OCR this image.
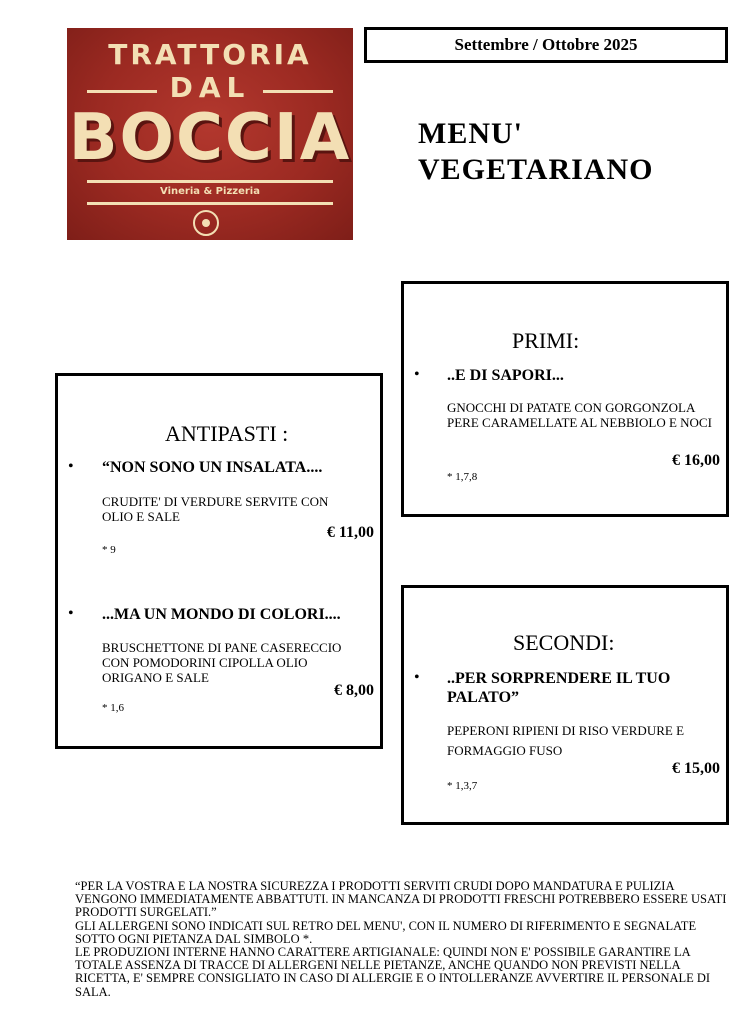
TRATTORIA
DAL
BOCCIA
Vineria & Pizzeria
Settembre / Ottobre 2025
MENU'
VEGETARIANO
ANTIPASTI :
• “NON SONO UN INSALATA....
CRUDITE' DI VERDURE SERVITE CON OLIO E SALE
€ 11,00
* 9
• ...MA UN MONDO DI COLORI....
BRUSCHETTONE DI PANE CASERECCIO CON POMODORINI CIPOLLA OLIO ORIGANO E SALE
€ 8,00
* 1,6
PRIMI:
• ..E DI SAPORI...
GNOCCHI DI PATATE CON GORGONZOLA PERE CARAMELLATE AL NEBBIOLO E NOCI
€ 16,00
* 1,7,8
SECONDI:
• ..PER SORPRENDERE IL TUO PALATO”
PEPERONI RIPIENI DI RISO VERDURE E FORMAGGIO FUSO
€ 15,00
* 1,3,7
“PER LA VOSTRA E LA NOSTRA SICUREZZA I PRODOTTI SERVITI CRUDI DOPO MANDATURA E PULIZIA VENGONO IMMEDIATAMENTE ABBATTUTI. IN MANCANZA DI PRODOTTI FRESCHI POTREBBERO ESSERE USATI PRODOTTI SURGELATI.”
GLI ALLERGENI SONO INDICATI SUL RETRO DEL MENU', CON IL NUMERO DI RIFERIMENTO E SEGNALATE SOTTO OGNI PIETANZA DAL SIMBOLO *.
LE PRODUZIONI INTERNE HANNO CARATTERE ARTIGIANALE: QUINDI NON E' POSSIBILE GARANTIRE LA TOTALE ASSENZA DI TRACCE DI ALLERGENI NELLE PIETANZE, ANCHE QUANDO NON PREVISTI NELLA RICETTA, E' SEMPRE CONSIGLIATO IN CASO DI ALLERGIE E O INTOLLERANZE AVVERTIRE IL PERSONALE DI SALA.
